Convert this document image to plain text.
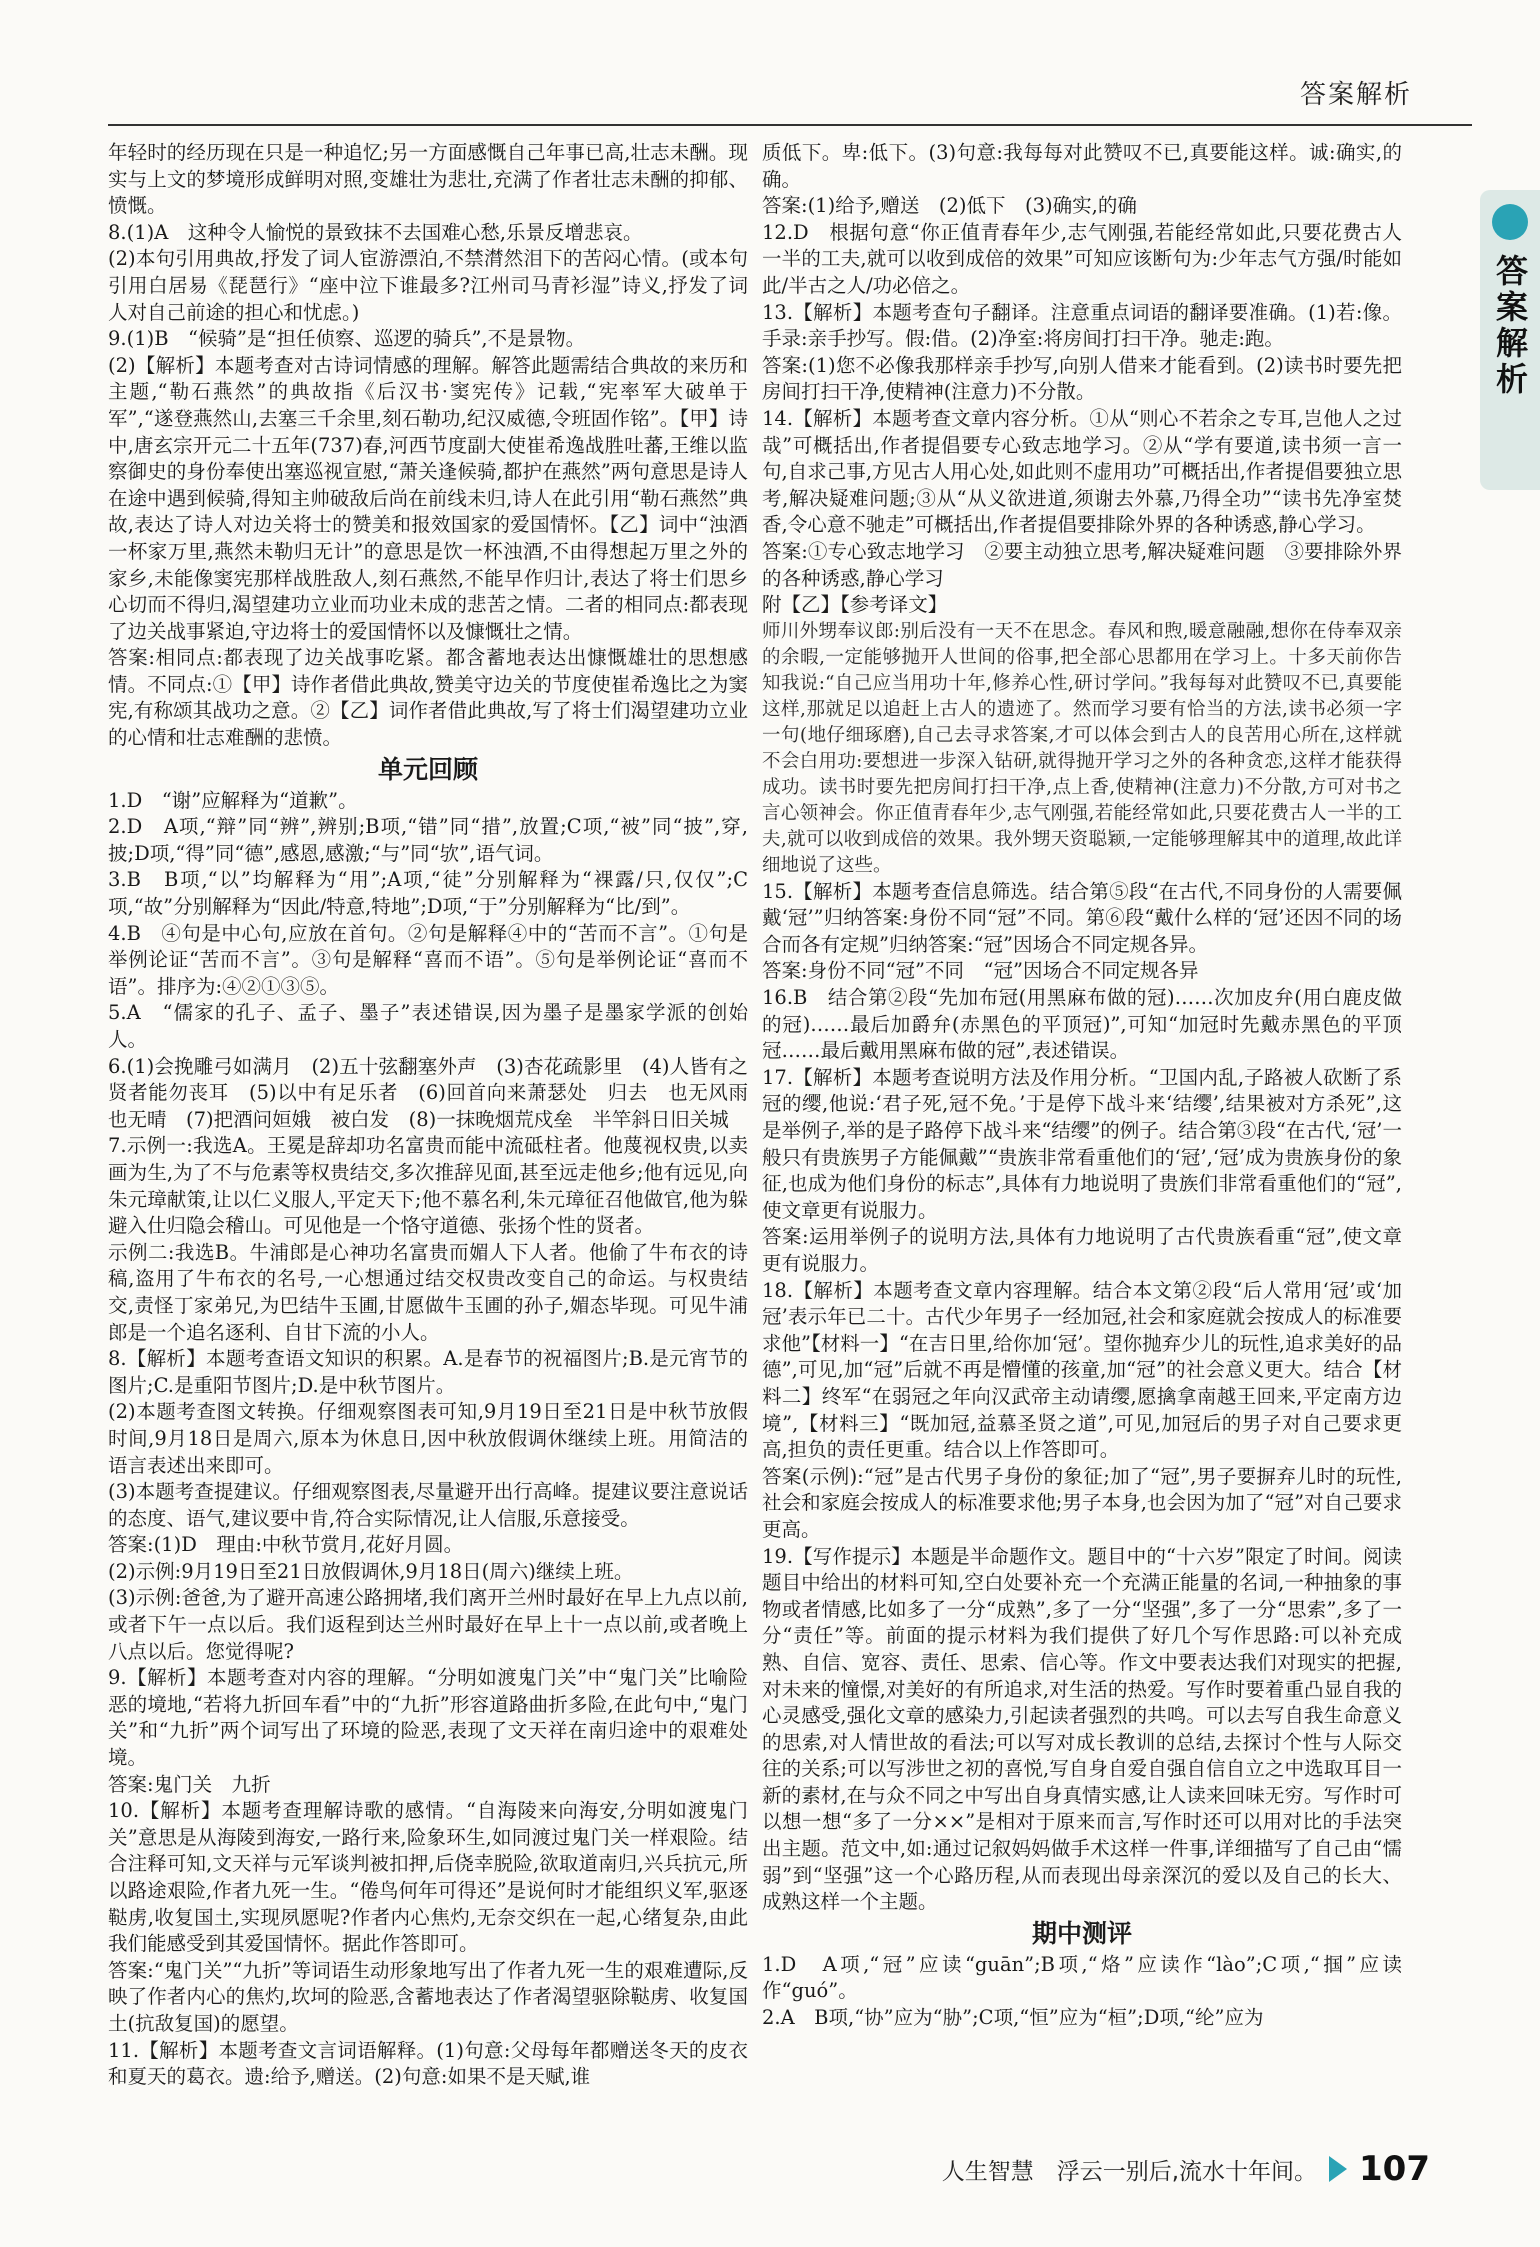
答案解析
答案解析

年轻时的经历现在只是一种追忆;另一方面感慨自己年事已高,壮志未酬。现实与上文的梦境形成鲜明对照,变雄壮为悲壮,充满了作者壮志未酬的抑郁、愤慨。

8.(1)A　这种令人愉悦的景致抹不去国难心愁,乐景反增悲哀。

(2)本句引用典故,抒发了词人宦游漂泊,不禁潸然泪下的苦闷心情。(或本句引用白居易《琵琶行》“座中泣下谁最多?江州司马青衫湿”诗义,抒发了词人对自己前途的担心和忧虑。)

9.(1)B　“候骑”是“担任侦察、巡逻的骑兵”,不是景物。

(2)【解析】本题考查对古诗词情感的理解。解答此题需结合典故的来历和主题,“勒石燕然”的典故指《后汉书·窦宪传》记载,“宪率军大破单于军”,“遂登燕然山,去塞三千余里,刻石勒功,纪汉威德,令班固作铭”。【甲】诗中,唐玄宗开元二十五年(737)春,河西节度副大使崔希逸战胜吐蕃,王维以监察御史的身份奉使出塞巡视宣慰,“萧关逢候骑,都护在燕然”两句意思是诗人在途中遇到候骑,得知主帅破敌后尚在前线未归,诗人在此引用“勒石燕然”典故,表达了诗人对边关将士的赞美和报效国家的爱国情怀。【乙】词中“浊酒一杯家万里,燕然未勒归无计”的意思是饮一杯浊酒,不由得想起万里之外的家乡,未能像窦宪那样战胜敌人,刻石燕然,不能早作归计,表达了将士们思乡心切而不得归,渴望建功立业而功业未成的悲苦之情。二者的相同点:都表现了边关战事紧迫,守边将士的爱国情怀以及慷慨壮之情。

答案:相同点:都表现了边关战事吃紧。都含蓄地表达出慷慨雄壮的思想感情。不同点:①【甲】诗作者借此典故,赞美守边关的节度使崔希逸比之为窦宪,有称颂其战功之意。②【乙】词作者借此典故,写了将士们渴望建功立业的心情和壮志难酬的悲愤。

单元回顾

1.D　“谢”应解释为“道歉”。

2.D　A项,“辩”同“辨”,辨别;B项,“错”同“措”,放置;C项,“被”同“披”,穿,披;D项,“得”同“德”,感恩,感激;“与”同“欤”,语气词。

3.B　B项,“以”均解释为“用”;A项,“徒”分别解释为“裸露/只,仅仅”;C项,“故”分别解释为“因此/特意,特地”;D项,“于”分别解释为“比/到”。

4.B　④句是中心句,应放在首句。②句是解释④中的“苦而不言”。①句是举例论证“苦而不言”。③句是解释“喜而不语”。⑤句是举例论证“喜而不语”。排序为:④②①③⑤。

5.A　“儒家的孔子、孟子、墨子”表述错误,因为墨子是墨家学派的创始人。

6.(1)会挽雕弓如满月　(2)五十弦翻塞外声　(3)杏花疏影里　(4)人皆有之　贤者能勿丧耳　(5)以中有足乐者　(6)回首向来萧瑟处　归去　也无风雨也无晴　(7)把酒问姮娥　被白发　(8)一抹晚烟荒戍垒　半竿斜日旧关城

7.示例一:我选A。王冕是辞却功名富贵而能中流砥柱者。他蔑视权贵,以卖画为生,为了不与危素等权贵结交,多次推辞见面,甚至远走他乡;他有远见,向朱元璋献策,让以仁义服人,平定天下;他不慕名利,朱元璋征召他做官,他为躲避入仕归隐会稽山。可见他是一个恪守道德、张扬个性的贤者。

示例二:我选B。牛浦郎是心神功名富贵而媚人下人者。他偷了牛布衣的诗稿,盗用了牛布衣的名号,一心想通过结交权贵改变自己的命运。与权贵结交,责怪丁家弟兄,为巴结牛玉圃,甘愿做牛玉圃的孙子,媚态毕现。可见牛浦郎是一个追名逐利、自甘下流的小人。

8.【解析】本题考查语文知识的积累。A.是春节的祝福图片;B.是元宵节的图片;C.是重阳节图片;D.是中秋节图片。

(2)本题考查图文转换。仔细观察图表可知,9月19日至21日是中秋节放假时间,9月18日是周六,原本为休息日,因中秋放假调休继续上班。用简洁的语言表述出来即可。

(3)本题考查提建议。仔细观察图表,尽量避开出行高峰。提建议要注意说话的态度、语气,建议要中肯,符合实际情况,让人信服,乐意接受。

答案:(1)D　理由:中秋节赏月,花好月圆。

(2)示例:9月19日至21日放假调休,9月18日(周六)继续上班。

(3)示例:爸爸,为了避开高速公路拥堵,我们离开兰州时最好在早上九点以前,或者下午一点以后。我们返程到达兰州时最好在早上十一点以前,或者晚上八点以后。您觉得呢?

9.【解析】本题考查对内容的理解。“分明如渡鬼门关”中“鬼门关”比喻险恶的境地,“若将九折回车看”中的“九折”形容道路曲折多险,在此句中,“鬼门关”和“九折”两个词写出了环境的险恶,表现了文天祥在南归途中的艰难处境。

答案:鬼门关　九折

10.【解析】本题考查理解诗歌的感情。“自海陵来向海安,分明如渡鬼门关”意思是从海陵到海安,一路行来,险象环生,如同渡过鬼门关一样艰险。结合注释可知,文天祥与元军谈判被扣押,后侥幸脱险,欲取道南归,兴兵抗元,所以路途艰险,作者九死一生。“倦鸟何年可得还”是说何时才能组织义军,驱逐鞑虏,收复国土,实现夙愿呢?作者内心焦灼,无奈交织在一起,心绪复杂,由此我们能感受到其爱国情怀。据此作答即可。

答案:“鬼门关”“九折”等词语生动形象地写出了作者九死一生的艰难遭际,反映了作者内心的焦灼,坎坷的险恶,含蓄地表达了作者渴望驱除鞑虏、收复国土(抗敌复国)的愿望。

11.【解析】本题考查文言词语解释。(1)句意:父母每年都赠送冬天的皮衣和夏天的葛衣。遗:给予,赠送。(2)句意:如果不是天赋,谁

质低下。卑:低下。(3)句意:我每每对此赞叹不已,真要能这样。诚:确实,的确。

答案:(1)给予,赠送　(2)低下　(3)确实,的确

12.D　根据句意“你正值青春年少,志气刚强,若能经常如此,只要花费古人一半的工夫,就可以收到成倍的效果”可知应该断句为:少年志气方强/时能如此/半古之人/功必倍之。

13.【解析】本题考查句子翻译。注意重点词语的翻译要准确。(1)若:像。手录:亲手抄写。假:借。(2)净室:将房间打扫干净。驰走:跑。

答案:(1)您不必像我那样亲手抄写,向别人借来才能看到。(2)读书时要先把房间打扫干净,使精神(注意力)不分散。

14.【解析】本题考查文章内容分析。①从“则心不若余之专耳,岂他人之过哉”可概括出,作者提倡要专心致志地学习。②从“学有要道,读书须一言一句,自求己事,方见古人用心处,如此则不虚用功”可概括出,作者提倡要独立思考,解决疑难问题;③从“从义欲进道,须谢去外慕,乃得全功”“读书先净室焚香,令心意不驰走”可概括出,作者提倡要排除外界的各种诱惑,静心学习。

答案:①专心致志地学习　②要主动独立思考,解决疑难问题　③要排除外界的各种诱惑,静心学习

附【乙】【参考译文】

师川外甥奉议郎:别后没有一天不在思念。春风和煦,暖意融融,想你在侍奉双亲的余暇,一定能够抛开人世间的俗事,把全部心思都用在学习上。十多天前你告知我说:“自己应当用功十年,修养心性,研讨学问。”我每每对此赞叹不已,真要能这样,那就足以追赶上古人的遗迹了。然而学习要有恰当的方法,读书必须一字一句(地仔细琢磨),自己去寻求答案,才可以体会到古人的良苦用心所在,这样就不会白用功:要想进一步深入钻研,就得抛开学习之外的各种贪恋,这样才能获得成功。读书时要先把房间打扫干净,点上香,使精神(注意力)不分散,方可对书之言心领神会。你正值青春年少,志气刚强,若能经常如此,只要花费古人一半的工夫,就可以收到成倍的效果。我外甥天资聪颖,一定能够理解其中的道理,故此详细地说了这些。

15.【解析】本题考查信息筛选。结合第⑤段“在古代,不同身份的人需要佩戴‘冠’”归纳答案:身份不同“冠”不同。第⑥段“戴什么样的‘冠’还因不同的场合而各有定规”归纳答案:“冠”因场合不同定规各异。

答案:身份不同“冠”不同　“冠”因场合不同定规各异

16.B　结合第②段“先加布冠(用黑麻布做的冠)……次加皮弁(用白鹿皮做的冠)……最后加爵弁(赤黑色的平顶冠)”,可知“加冠时先戴赤黑色的平顶冠……最后戴用黑麻布做的冠”,表述错误。

17.【解析】本题考查说明方法及作用分析。“卫国内乱,子路被人砍断了系冠的缨,他说:‘君子死,冠不免。’于是停下战斗来‘结缨’,结果被对方杀死”,这是举例子,举的是子路停下战斗来“结缨”的例子。结合第③段“在古代,‘冠’一般只有贵族男子方能佩戴”“贵族非常看重他们的‘冠’,‘冠’成为贵族身份的象征,也成为他们身份的标志”,具体有力地说明了贵族们非常看重他们的“冠”,使文章更有说服力。

答案:运用举例子的说明方法,具体有力地说明了古代贵族看重“冠”,使文章更有说服力。

18.【解析】本题考查文章内容理解。结合本文第②段“后人常用‘冠’或‘加冠’表示年已二十。古代少年男子一经加冠,社会和家庭就会按成人的标准要求他”【材料一】“在吉日里,给你加‘冠’。望你抛弃少儿的玩性,追求美好的品德”,可见,加“冠”后就不再是懵懂的孩童,加“冠”的社会意义更大。结合【材料二】终军“在弱冠之年向汉武帝主动请缨,愿擒拿南越王回来,平定南方边境”,【材料三】“既加冠,益慕圣贤之道”,可见,加冠后的男子对自己要求更高,担负的责任更重。结合以上作答即可。

答案(示例):“冠”是古代男子身份的象征;加了“冠”,男子要摒弃儿时的玩性,社会和家庭会按成人的标准要求他;男子本身,也会因为加了“冠”对自己要求更高。

19.【写作提示】本题是半命题作文。题目中的“十六岁”限定了时间。阅读题目中给出的材料可知,空白处要补充一个充满正能量的名词,一种抽象的事物或者情感,比如多了一分“成熟”,多了一分“坚强”,多了一分“思索”,多了一分“责任”等。前面的提示材料为我们提供了好几个写作思路:可以补充成熟、自信、宽容、责任、思索、信心等。作文中要表达我们对现实的把握,对未来的憧憬,对美好的有所追求,对生活的热爱。写作时要着重凸显自我的心灵感受,强化文章的感染力,引起读者强烈的共鸣。可以去写自我生命意义的思索,对人情世故的看法;可以写对成长教训的总结,去探讨个性与人际交往的关系;可以写涉世之初的喜悦,写自身自爱自强自信自立之中选取耳目一新的素材,在与众不同之中写出自身真情实感,让人读来回味无穷。写作时可以想一想“多了一分××”是相对于原来而言,写作时还可以用对比的手法突出主题。范文中,如:通过记叙妈妈做手术这样一件事,详细描写了自己由“懦弱”到“坚强”这一个心路历程,从而表现出母亲深沉的爱以及自己的长大、成熟这样一个主题。

期中测评

1.D　A项,“冠”应读“guān”;B项,“烙”应读作“lào”;C项,“掴”应读作“guó”。

2.A　B项,“协”应为“胁”;C项,“恒”应为“桓”;D项,“纶”应为

人生智慧　浮云一别后,流水十年间。 107
